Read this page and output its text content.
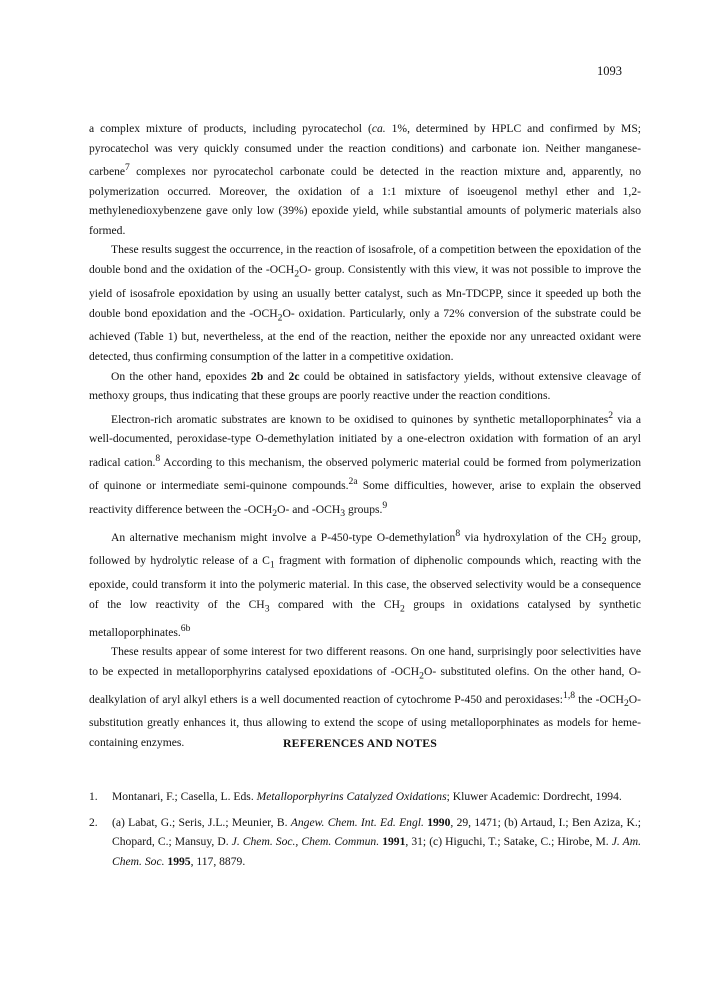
1093

a complex mixture of products, including pyrocatechol (ca. 1%, determined by HPLC and confirmed by MS; pyrocatechol was very quickly consumed under the reaction conditions) and carbonate ion. Neither manganese-carbene$^7$ complexes nor pyrocatechol carbonate could be detected in the reaction mixture and, apparently, no polymerization occurred. Moreover, the oxidation of a 1:1 mixture of isoeugenol methyl ether and 1,2-methylenedioxybenzene gave only low (39%) epoxide yield, while substantial amounts of polymeric materials also formed.

These results suggest the occurrence, in the reaction of isosafrole, of a competition between the epoxidation of the double bond and the oxidation of the $-OCH_2O-$ group. Consistently with this view, it was not possible to improve the yield of isosafrole epoxidation by using an usually better catalyst, such as Mn-TDCPP, since it speeded up both the double bond epoxidation and the $-OCH_2O-$ oxidation. Particularly, only a 72% conversion of the substrate could be achieved (Table 1) but, nevertheless, at the end of the reaction, neither the epoxide nor any unreacted oxidant were detected, thus confirming consumption of the latter in a competitive oxidation.

On the other hand, epoxides 2b and 2c could be obtained in satisfactory yields, without extensive cleavage of methoxy groups, thus indicating that these groups are poorly reactive under the reaction conditions.

Electron-rich aromatic substrates are known to be oxidised to quinones by synthetic metalloporphinates$^2$ via a well-documented, peroxidase-type O-demethylation initiated by a one-electron oxidation with formation of an aryl radical cation.$^8$ According to this mechanism, the observed polymeric material could be formed from polymerization of quinone or intermediate semi-quinone compounds.$^{2a}$ Some difficulties, however, arise to explain the observed reactivity difference between the $-OCH_2O-$ and $-OCH_3$ groups.$^9$

An alternative mechanism might involve a P-450-type O-demethylation$^8$ via hydroxylation of the $CH_2$ group, followed by hydrolytic release of a $C_1$ fragment with formation of diphenolic compounds which, reacting with the epoxide, could transform it into the polymeric material. In this case, the observed selectivity would be a consequence of the low reactivity of the $CH_3$ compared with the $CH_2$ groups in oxidations catalysed by synthetic metalloporphinates.$^{6b}$

These results appear of some interest for two different reasons. On one hand, surprisingly poor selectivities have to be expected in metalloporphyrins catalysed epoxidations of $-OCH_2O-$ substituted olefins. On the other hand, O-dealkylation of aryl alkyl ethers is a well documented reaction of cytochrome P-450 and peroxidases:$^{1,8}$ the $-OCH_2O-$ substitution greatly enhances it, thus allowing to extend the scope of using metalloporphinates as models for heme-containing enzymes.	REFERENCES AND NOTES
1. Montanari, F.; Casella, L. Eds. Metalloporphyrins Catalyzed Oxidations; Kluwer Academic: Dordrecht, 1994.
2. (a) Labat, G.; Seris, J.L.; Meunier, B. Angew. Chem. Int. Ed. Engl. 1990, 29, 1471; (b) Artaud, I.; Ben Aziza, K.; Chopard, C.; Mansuy, D. J. Chem. Soc., Chem. Commun. 1991, 31; (c) Higuchi, T.; Satake, C.; Hirobe, M. J. Am. Chem. Soc. 1995, 117, 8879.
